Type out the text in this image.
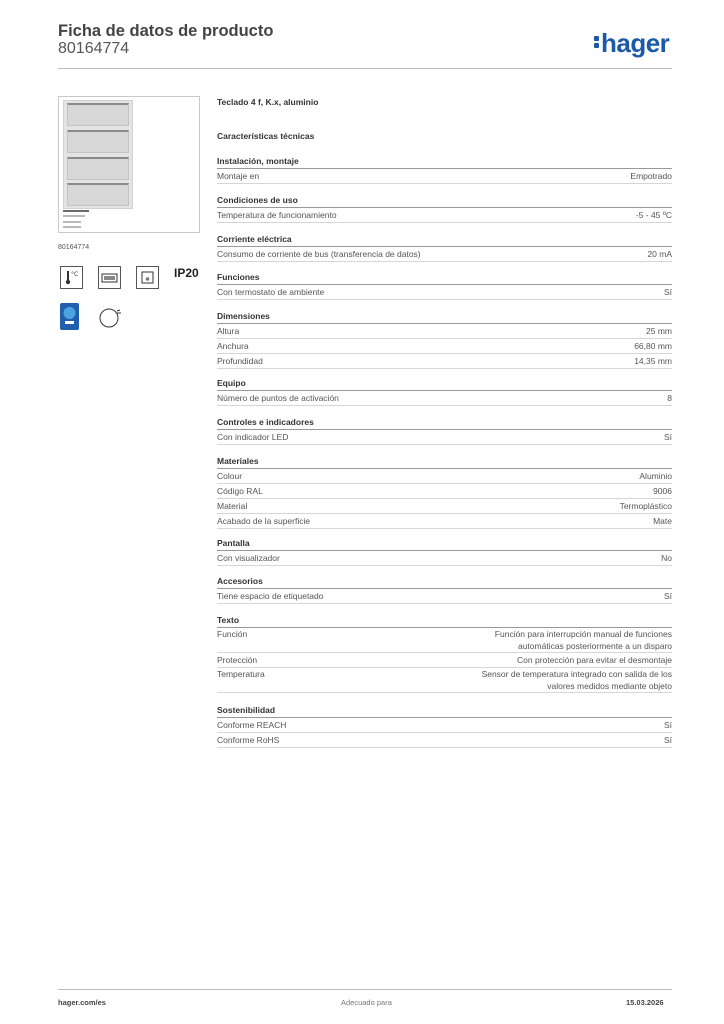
Ficha de datos de producto
80164774	hager
80164774
°C	IP20
Teclado 4 f, K.x, aluminio
Características técnicas
Instalación, montaje
Montaje en	Empotrado
Condiciones de uso
Temperatura de funcionamiento	-5 - 45 ºC
Corriente eléctrica
Consumo de corriente de bus (transferencia de datos)	20 mA
Funciones
Con termostato de ambiente	Sí
Dimensiones
Altura	25 mm
Anchura	66,80 mm
Profundidad	14,35 mm
Equipo
Número de puntos de activación	8
Controles e indicadores
Con indicador LED	Sí
Materiales
Colour	Aluminio
Código RAL	9006
Material	Termoplástico
Acabado de la superficie	Mate
Pantalla
Con visualizador	No
Accesorios
Tiene espacio de etiquetado	Sí
Texto
Función	Función para interrupción manual de funciones
automáticas posteriormente a un disparo
Protección	Con protección para evitar el desmontaje
Temperatura	Sensor de temperatura integrado con salida de los
valores medidos mediante objeto
Sostenibilidad
Conforme REACH	Sí
Conforme RoHS	Sí
hager.com/es	Adecuado para	15.03.2026
